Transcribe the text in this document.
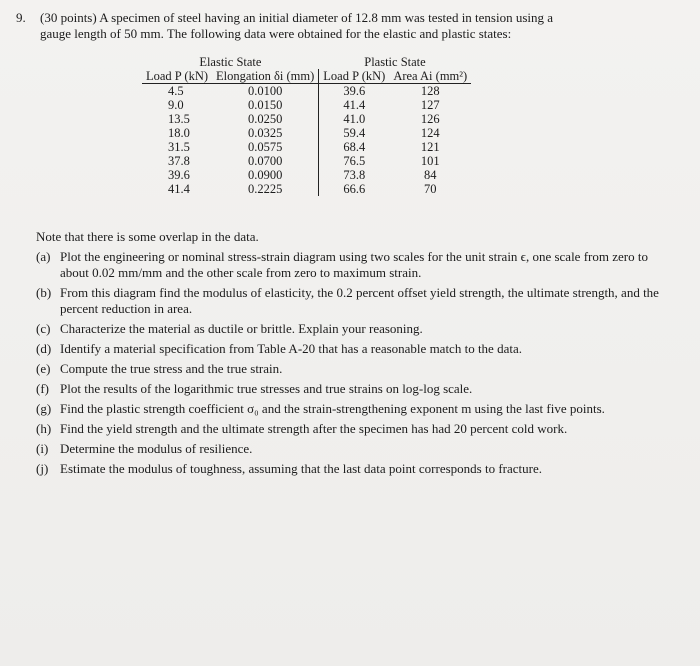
9. (30 points) A specimen of steel having an initial diameter of 12.8 mm was tested in tension using a
gauge length of 50 mm. The following data were obtained for the elastic and plastic states:
Elastic State		Plastic State	
Load P (kN)	Elongation δi (mm)	Load P (kN)	Area Ai (mm²)
4.5	0.0100	39.6	128
9.0	0.0150	41.4	127
13.5	0.0250	41.0	126
18.0	0.0325	59.4	124
31.5	0.0575	68.4	121
37.8	0.0700	76.5	101
39.6	0.0900	73.8	84
41.4	0.2225	66.6	70
Note that there is some overlap in the data.
(a) Plot the engineering or nominal stress-strain diagram using two scales for the unit strain ϵ, one scale from zero to about 0.02 mm/mm and the other scale from zero to maximum strain.
(b) From this diagram find the modulus of elasticity, the 0.2 percent offset yield strength, the ultimate strength, and the percent reduction in area.
(c) Characterize the material as ductile or brittle. Explain your reasoning.
(d) Identify a material specification from Table A-20 that has a reasonable match to the data.
(e) Compute the true stress and the true strain.
(f) Plot the results of the logarithmic true stresses and true strains on log-log scale.
(g) Find the plastic strength coefficient σ₀ and the strain-strengthening exponent m using the last five points.
(h) Find the yield strength and the ultimate strength after the specimen has had 20 percent cold work.
(i) Determine the modulus of resilience.
(j) Estimate the modulus of toughness, assuming that the last data point corresponds to fracture.
